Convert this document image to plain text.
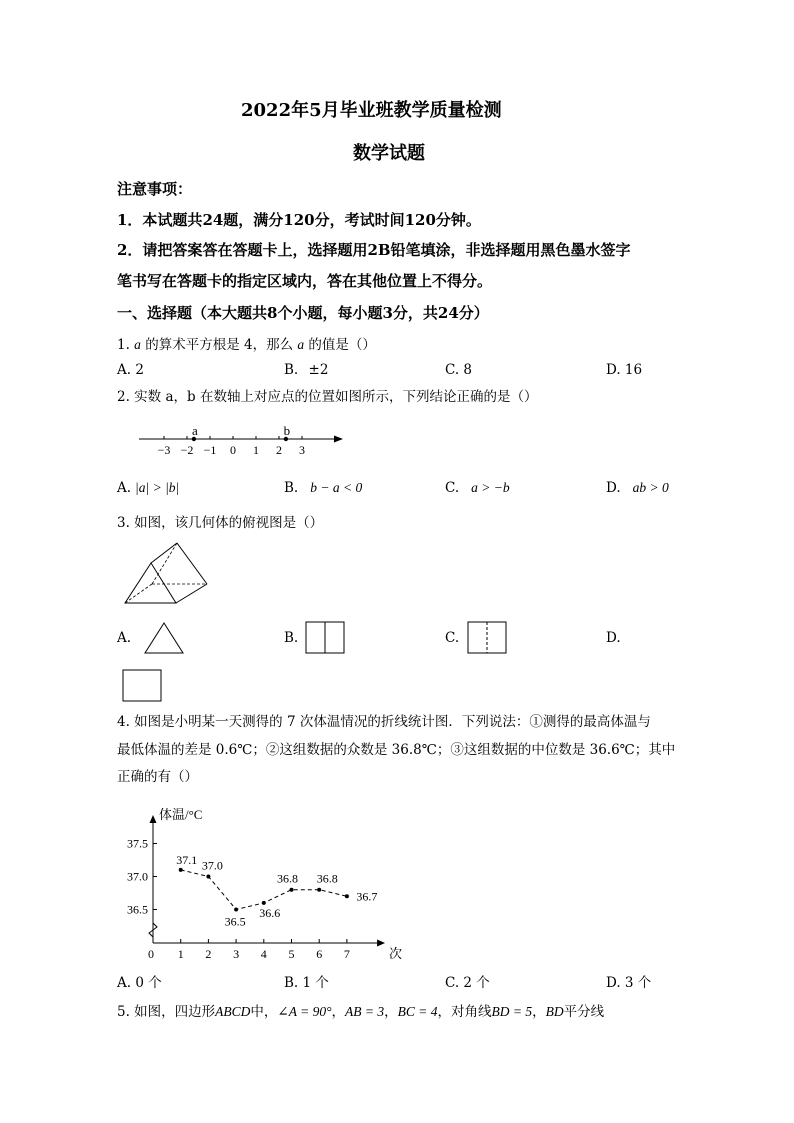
2022年5月毕业班教学质量检测
数学试题
注意事项：
1．本试题共24题，满分120分，考试时间120分钟。
2．请把答案答在答题卡上，选择题用2B铅笔填涂，非选择题用黑色墨水签字
笔书写在答题卡的指定区域内，答在其他位置上不得分。
一、选择题（本大题共8个小题，每小题3分，共24分）
1. a 的算术平方根是 4，那么 a 的值是（）
A. 2	B. ±2	C. 8	D. 16
2. 实数 a，b 在数轴上对应点的位置如图所示，下列结论正确的是（）
−3 −2 −1 0 1 2 3
a	b
A. |a| > |b|	B. b − a < 0	C. a > −b	D. ab > 0
3. 如图，该几何体的俯视图是（）
A.	B.	C.	D.
4. 如图是小明某一天测得的 7 次体温情况的折线统计图．下列说法：①测得的最高体温与
最低体温的差是 0.6℃；②这组数据的众数是 36.8℃；③这组数据的中位数是 36.6℃；其中
正确的有（）
体温/°C
次
36.5
37.0
37.5
0 1 2 3 4 5 6 7
37.1 37.0
36.5
36.6
36.8 36.8
36.7
A. 0 个	B. 1 个	C. 2 个	D. 3 个
5. 如图，四边形ABCD中，∠A = 90°，AB = 3，BC = 4，对角线BD = 5，BD平分线
